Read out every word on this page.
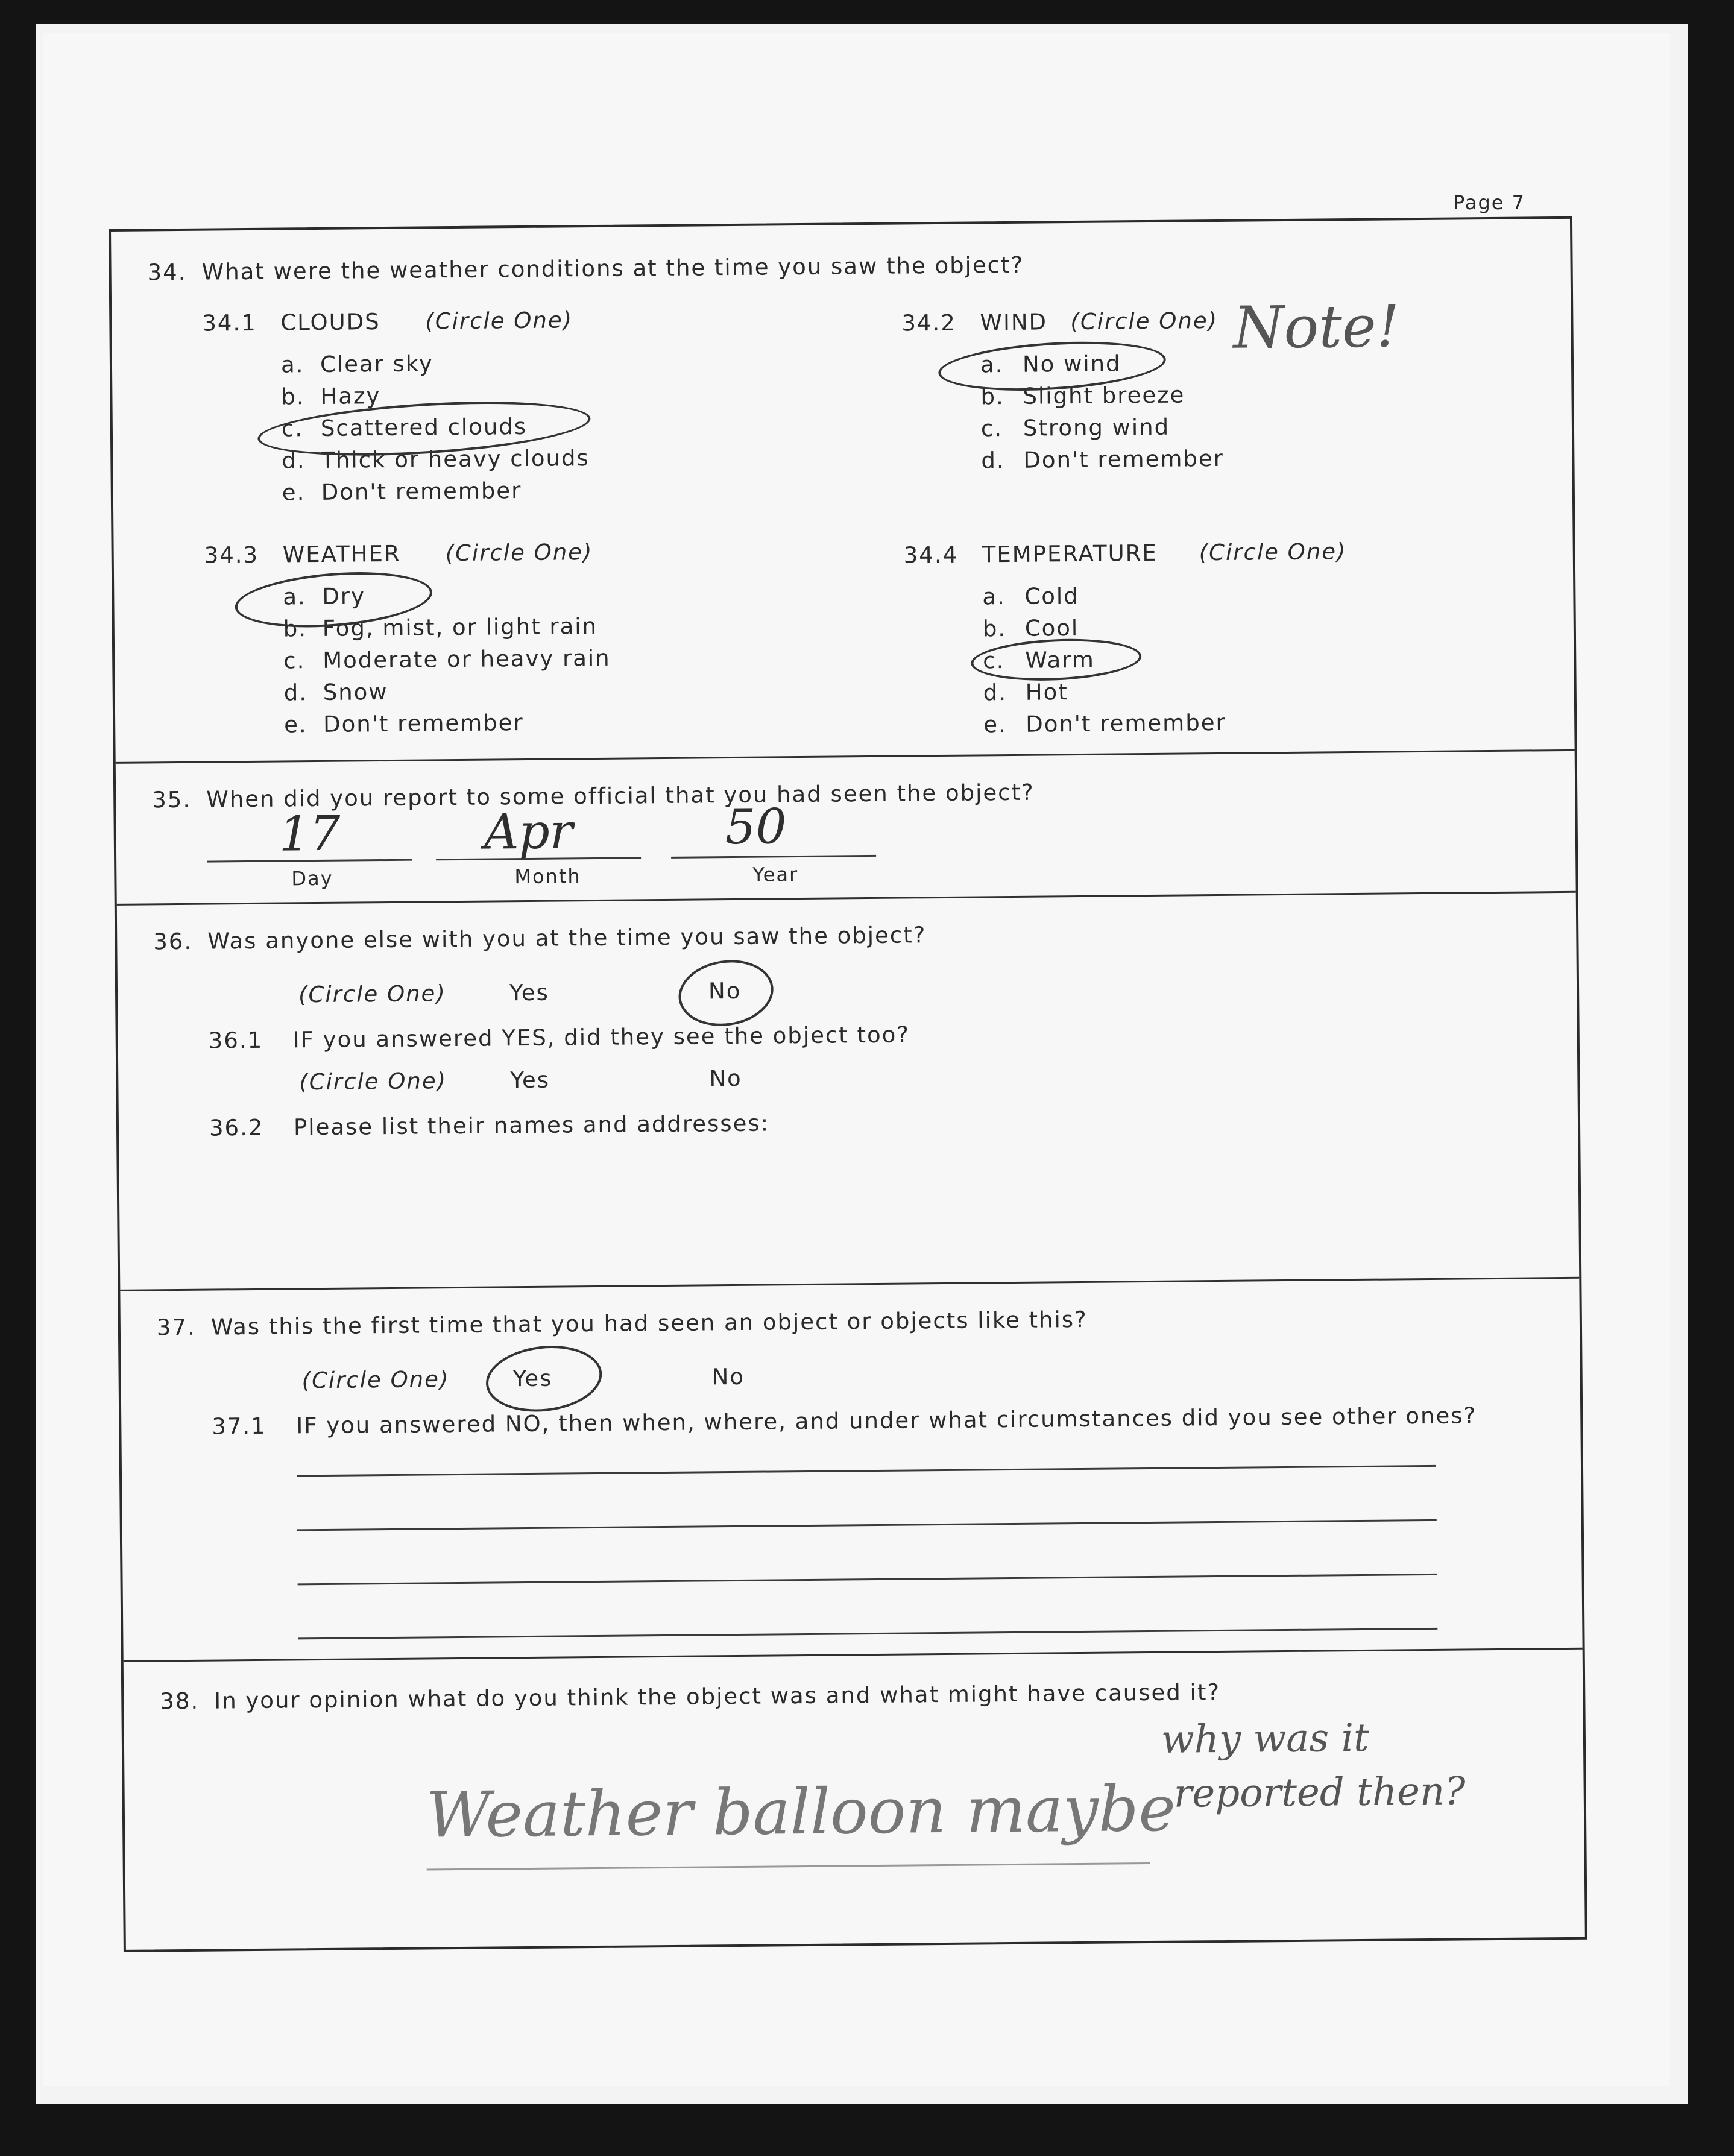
Page 7
34. What were the weather conditions at the time you saw the object?
34.1 CLOUDS (Circle One)
a. Clear sky
b. Hazy
c. Scattered clouds
d. Thick or heavy clouds
e. Don't remember
34.2 WIND (Circle One)
a. No wind
b. Slight breeze
c. Strong wind
d. Don't remember
Note!
34.3 WEATHER (Circle One)
a. Dry
b. Fog, mist, or light rain
c. Moderate or heavy rain
d. Snow
e. Don't remember
34.4 TEMPERATURE (Circle One)
a. Cold
b. Cool
c. Warm
d. Hot
e. Don't remember
35. When did you report to some official that you had seen the object?
17	Apr	50
Day	Month	Year
36. Was anyone else with you at the time you saw the object?
(Circle One)	Yes	No
36.1 IF you answered YES, did they see the object too?
(Circle One)	Yes	No
36.2 Please list their names and addresses:
37. Was this the first time that you had seen an object or objects like this?
(Circle One)	Yes	No
37.1 IF you answered NO, then when, where, and under what circumstances did you see other ones?
38. In your opinion what do you think the object was and what might have caused it?
Weather balloon maybe
why was it
reported then?
